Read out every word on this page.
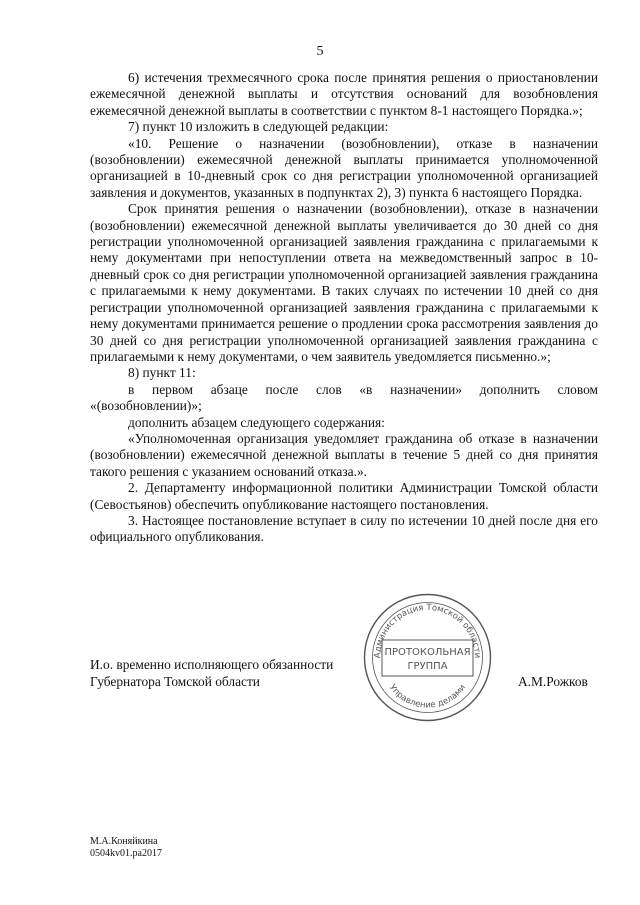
5

6) истечения трехмесячного срока после принятия решения о приостановлении ежемесячной денежной выплаты и отсутствия оснований для возобновления ежемесячной денежной выплаты в соответствии с пунктом 8-1 настоящего Порядка.»;

7) пункт 10 изложить в следующей редакции:

«10. Решение о назначении (возобновлении), отказе в назначении (возобновлении) ежемесячной денежной выплаты принимается уполномоченной организацией в 10-дневный срок со дня регистрации уполномоченной организацией заявления и документов, указанных в подпунктах 2), 3) пункта 6 настоящего Порядка.

Срок принятия решения о назначении (возобновлении), отказе в назначении (возобновлении) ежемесячной денежной выплаты увеличивается до 30 дней со дня регистрации уполномоченной организацией заявления гражданина с прилагаемыми к нему документами при непоступлении ответа на межведомственный запрос в 10-дневный срок со дня регистрации уполномоченной организацией заявления гражданина с прилагаемыми к нему документами. В таких случаях по истечении 10 дней со дня регистрации уполномоченной организацией заявления гражданина с прилагаемыми к нему документами принимается решение о продлении срока рассмотрения заявления до 30 дней со дня регистрации уполномоченной организацией заявления гражданина с прилагаемыми к нему документами, о чем заявитель уведомляется письменно.»;

8) пункт 11:

в первом абзаце после слов «в назначении» дополнить словом «(возобновлении)»;

дополнить абзацем следующего содержания:

«Уполномоченная организация уведомляет гражданина об отказе в назначении (возобновлении) ежемесячной денежной выплаты в течение 5 дней со дня принятия такого решения с указанием оснований отказа.».

2. Департаменту информационной политики Администрации Томской области (Севостьянов) обеспечить опубликование настоящего постановления.

3. Настоящее постановление вступает в силу по истечении 10 дней после дня его официального опубликования.

Администрация Томской области
Управление делами
ПРОТОКОЛЬНАЯ
ГРУППА
И.о. временно исполняющего обязанности
Губернатора Томской области	А.М.Рожков
М.А.Коняйкина
0504kv01.pa2017
